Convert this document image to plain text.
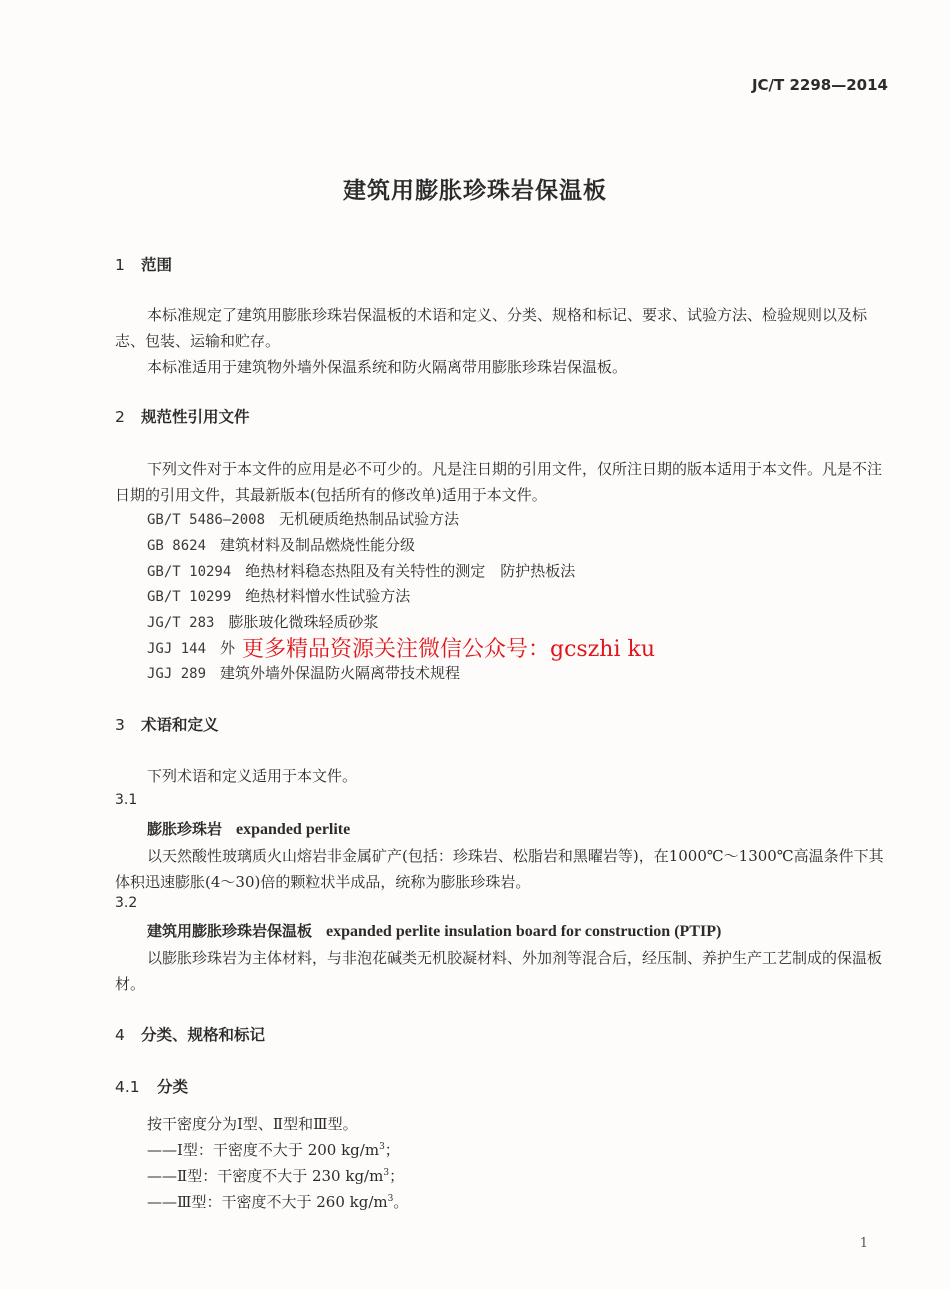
JC/T 2298—2014
建筑用膨胀珍珠岩保温板
1 范围
本标准规定了建筑用膨胀珍珠岩保温板的术语和定义、分类、规格和标记、要求、试验方法、检验规则以及标志、包装、运输和贮存。
本标准适用于建筑物外墙外保温系统和防火隔离带用膨胀珍珠岩保温板。
2 规范性引用文件
下列文件对于本文件的应用是必不可少的。凡是注日期的引用文件，仅所注日期的版本适用于本文件。凡是不注日期的引用文件，其最新版本(包括所有的修改单)适用于本文件。
GB/T 5486—2008 无机硬质绝热制品试验方法
GB 8624 建筑材料及制品燃烧性能分级
GB/T 10294 绝热材料稳态热阻及有关特性的测定　防护热板法
GB/T 10299 绝热材料憎水性试验方法
JG/T 283 膨胀玻化微珠轻质砂浆
JGJ 144 外
JGJ 289 建筑外墙外保温防火隔离带技术规程
更多精品资源关注微信公众号：gcszhi ku
3 术语和定义
下列术语和定义适用于本文件。
3.1
膨胀珍珠岩 expanded perlite
以天然酸性玻璃质火山熔岩非金属矿产(包括：珍珠岩、松脂岩和黑曜岩等)，在1000℃～1300℃高温条件下其体积迅速膨胀(4～30)倍的颗粒状半成品，统称为膨胀珍珠岩。
3.2
建筑用膨胀珍珠岩保温板 expanded perlite insulation board for construction (PTIP)
以膨胀珍珠岩为主体材料，与非泡花碱类无机胶凝材料、外加剂等混合后，经压制、养护生产工艺制成的保温板材。
4 分类、规格和标记
4.1 分类
按干密度分为Ⅰ型、Ⅱ型和Ⅲ型。
——Ⅰ型：干密度不大于 200 $kg/m^3$；
——Ⅱ型：干密度不大于 230 $kg/m^3$；
——Ⅲ型：干密度不大于 260 $kg/m^3$。
1
